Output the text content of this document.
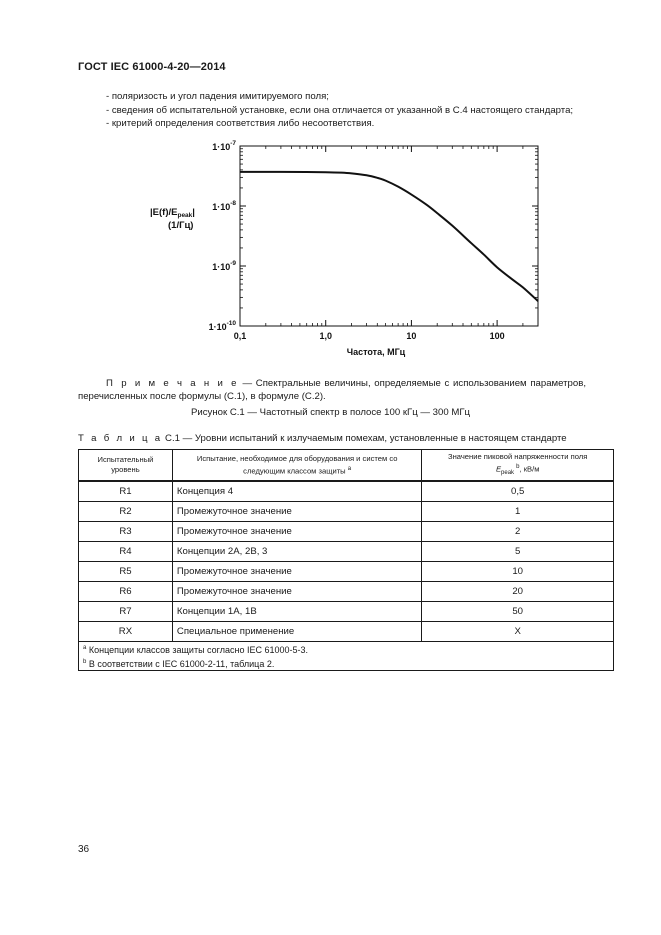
ГОСТ IEC 61000-4-20—2014
- поляризость и угол падения имитируемого поля;
- сведения об испытательной установке, если она отличается от указанной в С.4 настоящего стандарта;
- критерий определения соответствия либо несоответствия.
0,1	1,0	10	100
$1\cdot 10^{-7}$
$1\cdot 10^{-8}$
$1\cdot 10^{-9}$
$1\cdot 10^{-10}$
$|E(f)/E_{peak}|$
(1/Гц)
Частота, МГц
П р и м е ч а н и е — Спектральные величины, определяемые с использованием параметров, перечисленных после формулы (С.1), в формуле (С.2).
Рисунок С.1 — Частотный спектр в полосе 100 кГц — 300 МГц
Т а б л и ц а С.1 — Уровни испытаний к излучаемым помехам, установленные в настоящем стандарте
Испытательный уровень	Испытание, необходимое для оборудования и систем со следующим классом защиты $^a$	Значение пиковой напряженности поля
$E_{peak}$ $^b$, кВ/м
R1	Концепция 4	0,5
R2	Промежуточное значение	1
R3	Промежуточное значение	2
R4	Концепции 2A, 2B, 3	5
R5	Промежуточное значение	10
R6	Промежуточное значение	20
R7	Концепции 1A, 1B	50
RX	Специальное применение	X

$^a$ Концепции классов защиты согласно IEC 61000-5-3.
$^b$ В соответствии с IEC 61000-2-11, таблица 2.		
36
